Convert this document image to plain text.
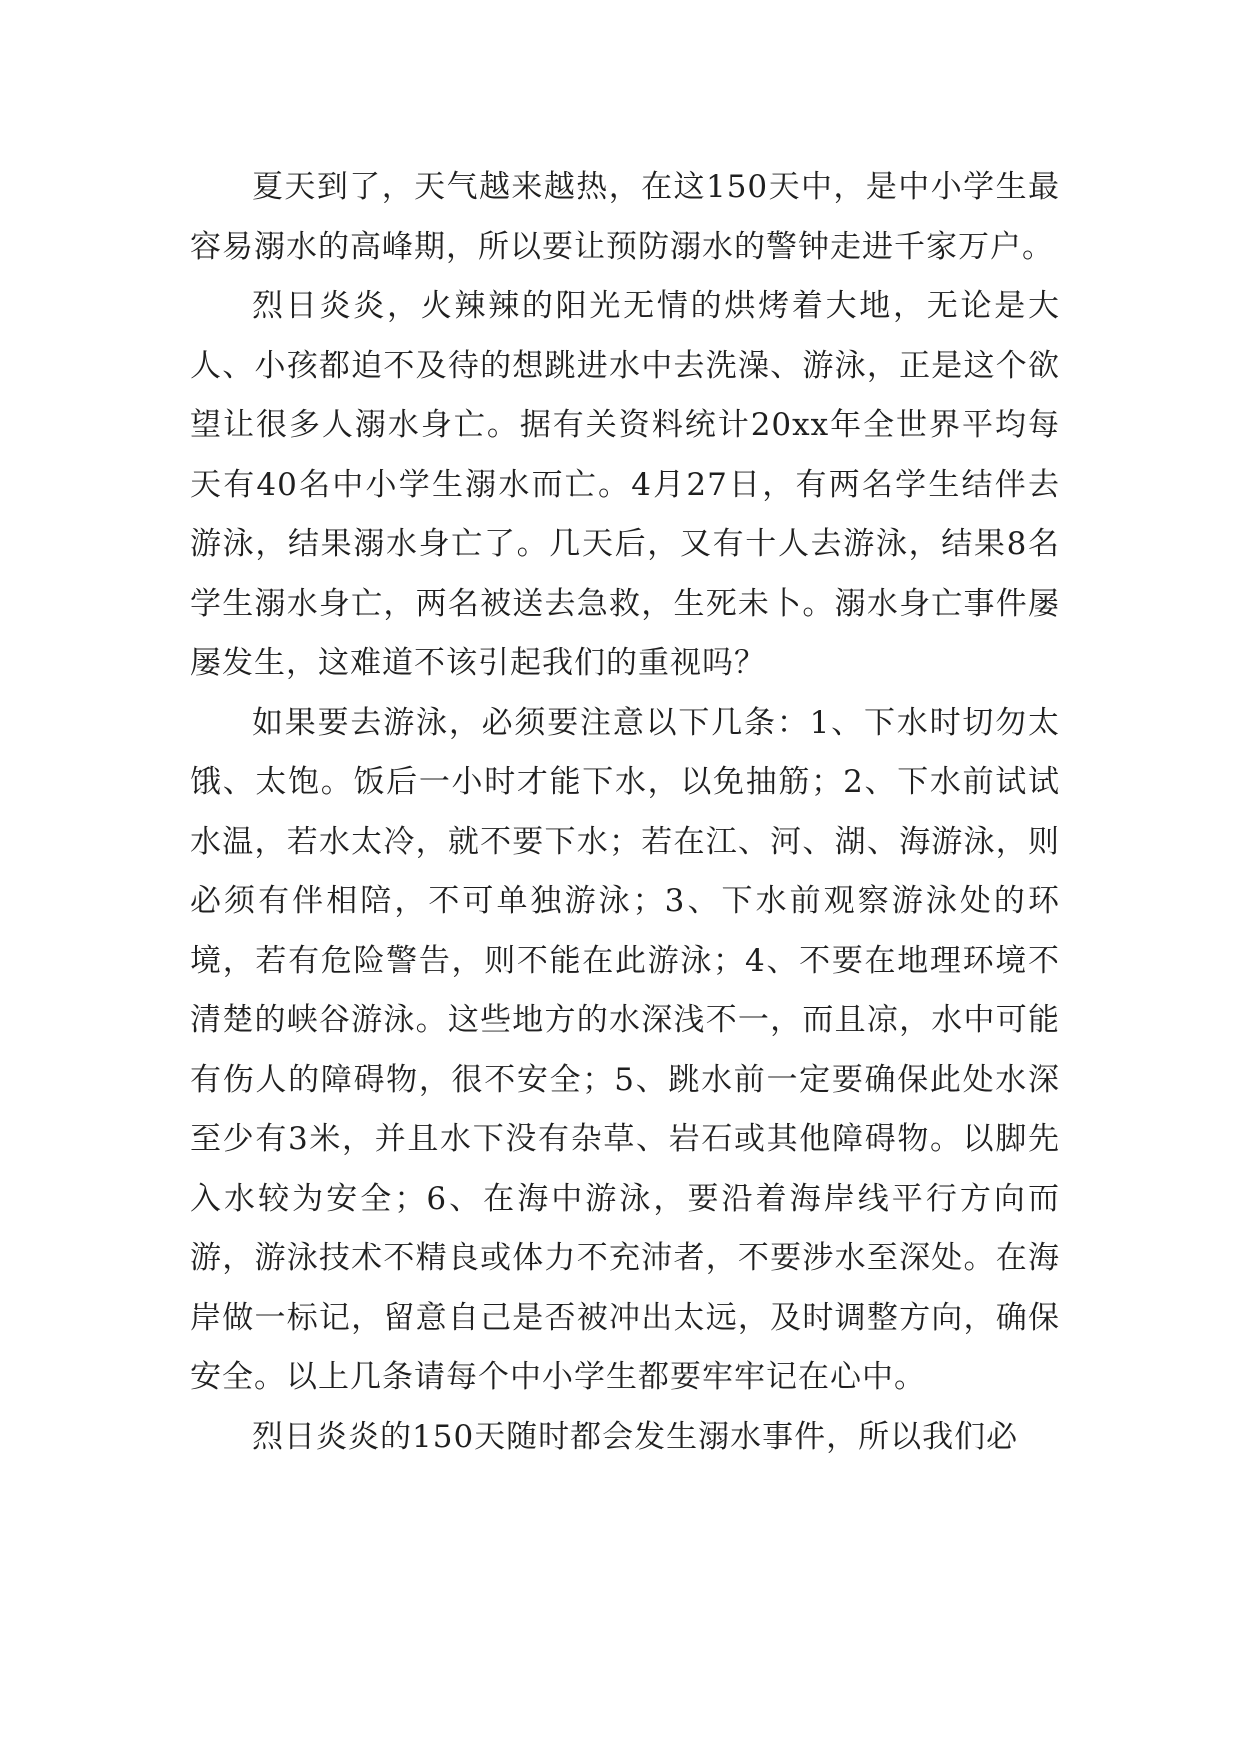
夏天到了，天气越来越热，在这150天中，是中小学生最容易溺水的高峰期，所以要让预防溺水的警钟走进千家万户。

烈日炎炎，火辣辣的阳光无情的烘烤着大地，无论是大人、小孩都迫不及待的想跳进水中去洗澡、游泳，正是这个欲望让很多人溺水身亡。据有关资料统计20xx年全世界平均每天有40名中小学生溺水而亡。4月27日，有两名学生结伴去游泳，结果溺水身亡了。几天后，又有十人去游泳，结果8名学生溺水身亡，两名被送去急救，生死未卜。溺水身亡事件屡屡发生，这难道不该引起我们的重视吗？

如果要去游泳，必须要注意以下几条：1、下水时切勿太饿、太饱。饭后一小时才能下水，以免抽筋；2、下水前试试水温，若水太冷，就不要下水；若在江、河、湖、海游泳，则必须有伴相陪，不可单独游泳；3、下水前观察游泳处的环境，若有危险警告，则不能在此游泳；4、不要在地理环境不清楚的峡谷游泳。这些地方的水深浅不一，而且凉，水中可能有伤人的障碍物，很不安全；5、跳水前一定要确保此处水深至少有3米，并且水下没有杂草、岩石或其他障碍物。以脚先入水较为安全；6、在海中游泳，要沿着海岸线平行方向而游，游泳技术不精良或体力不充沛者，不要涉水至深处。在海岸做一标记，留意自己是否被冲出太远，及时调整方向，确保安全。以上几条请每个中小学生都要牢牢记在心中。

烈日炎炎的150天随时都会发生溺水事件，所以我们必
